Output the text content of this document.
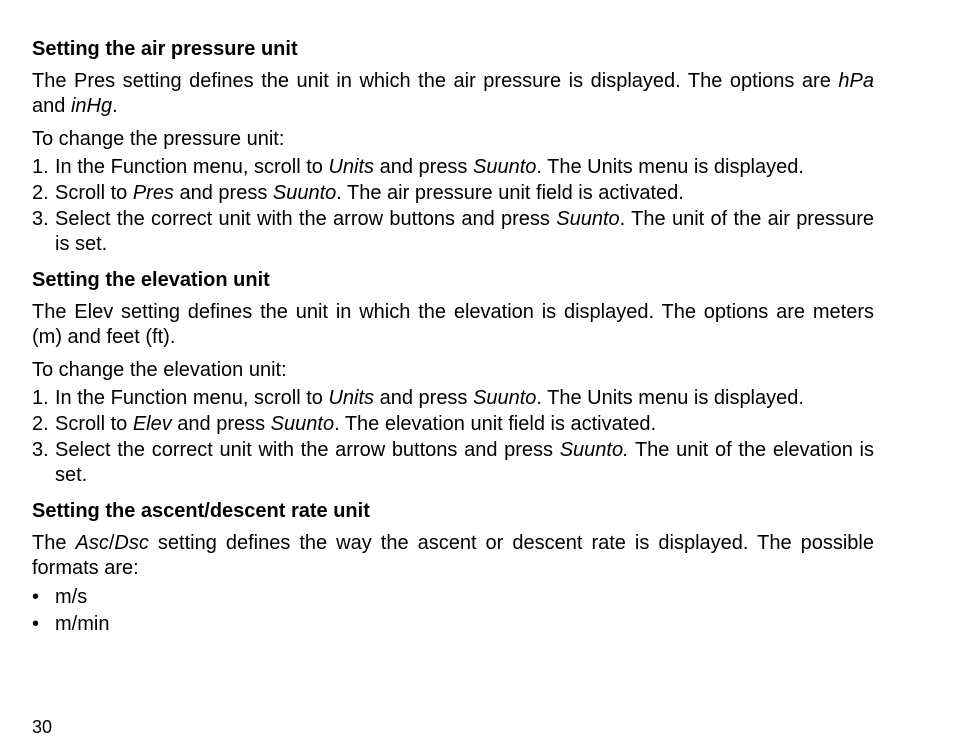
Setting the air pressure unit

The Pres setting defines the unit in which the air pressure is displayed. The options are hPa and inHg.

To change the pressure unit:

1. In the Function menu, scroll to Units and press Suunto. The Units menu is displayed.
2. Scroll to Pres and press Suunto. The air pressure unit field is activated.
3. Select the correct unit with the arrow buttons and press Suunto. The unit of the air pressure is set.
Setting the elevation unit

The Elev setting defines the unit in which the elevation is displayed. The options are meters (m) and feet (ft).

To change the elevation unit:

1. In the Function menu, scroll to Units and press Suunto. The Units menu is displayed.
2. Scroll to Elev and press Suunto. The elevation unit field is activated.
3. Select the correct unit with the arrow buttons and press Suunto. The unit of the elevation is set.
Setting the ascent/descent rate unit

The Asc/Dsc setting defines the way the ascent or descent rate is displayed. The possible formats are:

• m/s
• m/min
30
